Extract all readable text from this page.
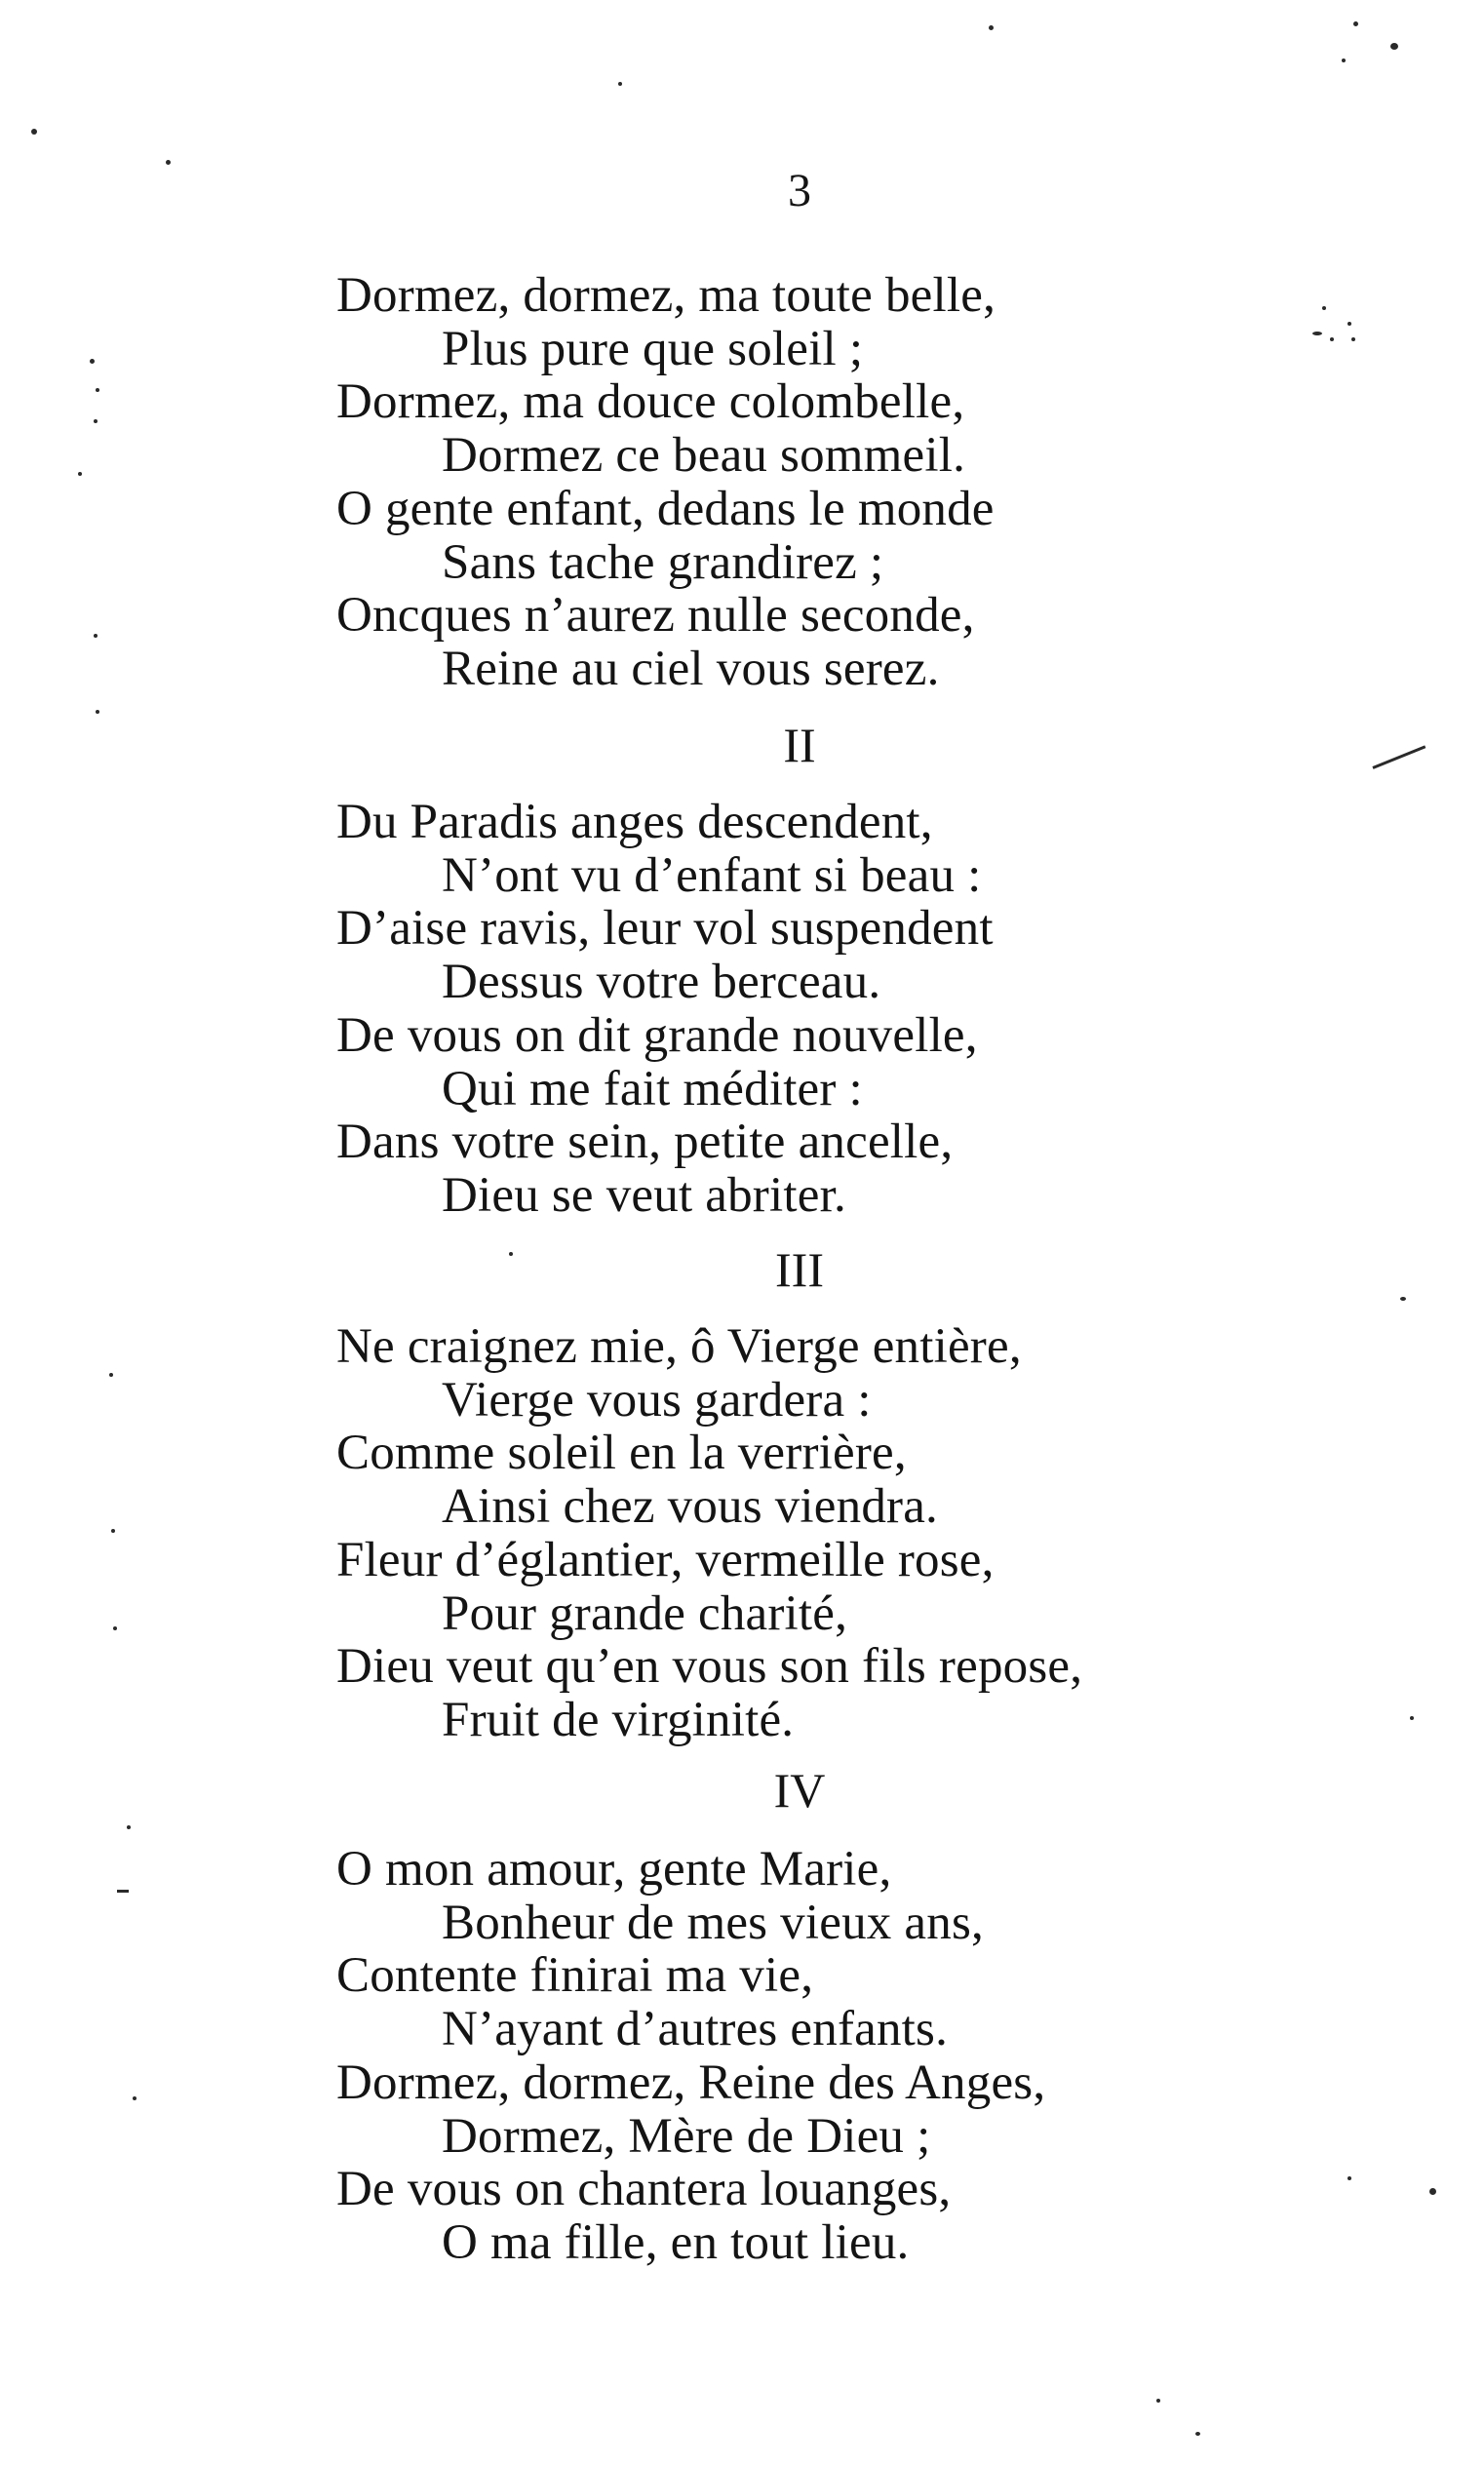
3
Dormez, dormez, ma toute belle,
Plus pure que soleil ;
Dormez, ma douce colombelle,
Dormez ce beau sommeil.
O gente enfant, dedans le monde
Sans tache grandirez ;
Oncques n’aurez nulle seconde,
Reine au ciel vous serez.
II
Du Paradis anges descendent,
N’ont vu d’enfant si beau :
D’aise ravis, leur vol suspendent
Dessus votre berceau.
De vous on dit grande nouvelle,
Qui me fait méditer :
Dans votre sein, petite ancelle,
Dieu se veut abriter.
III
Ne craignez mie, ô Vierge entière,
Vierge vous gardera :
Comme soleil en la verrière,
Ainsi chez vous viendra.
Fleur d’églantier, vermeille rose,
Pour grande charité,
Dieu veut qu’en vous son fils repose,
Fruit de virginité.
IV
O mon amour, gente Marie,
Bonheur de mes vieux ans,
Contente finirai ma vie,
N’ayant d’autres enfants.
Dormez, dormez, Reine des Anges,
Dormez, Mère de Dieu ;
De vous on chantera louanges,
O ma fille, en tout lieu.
